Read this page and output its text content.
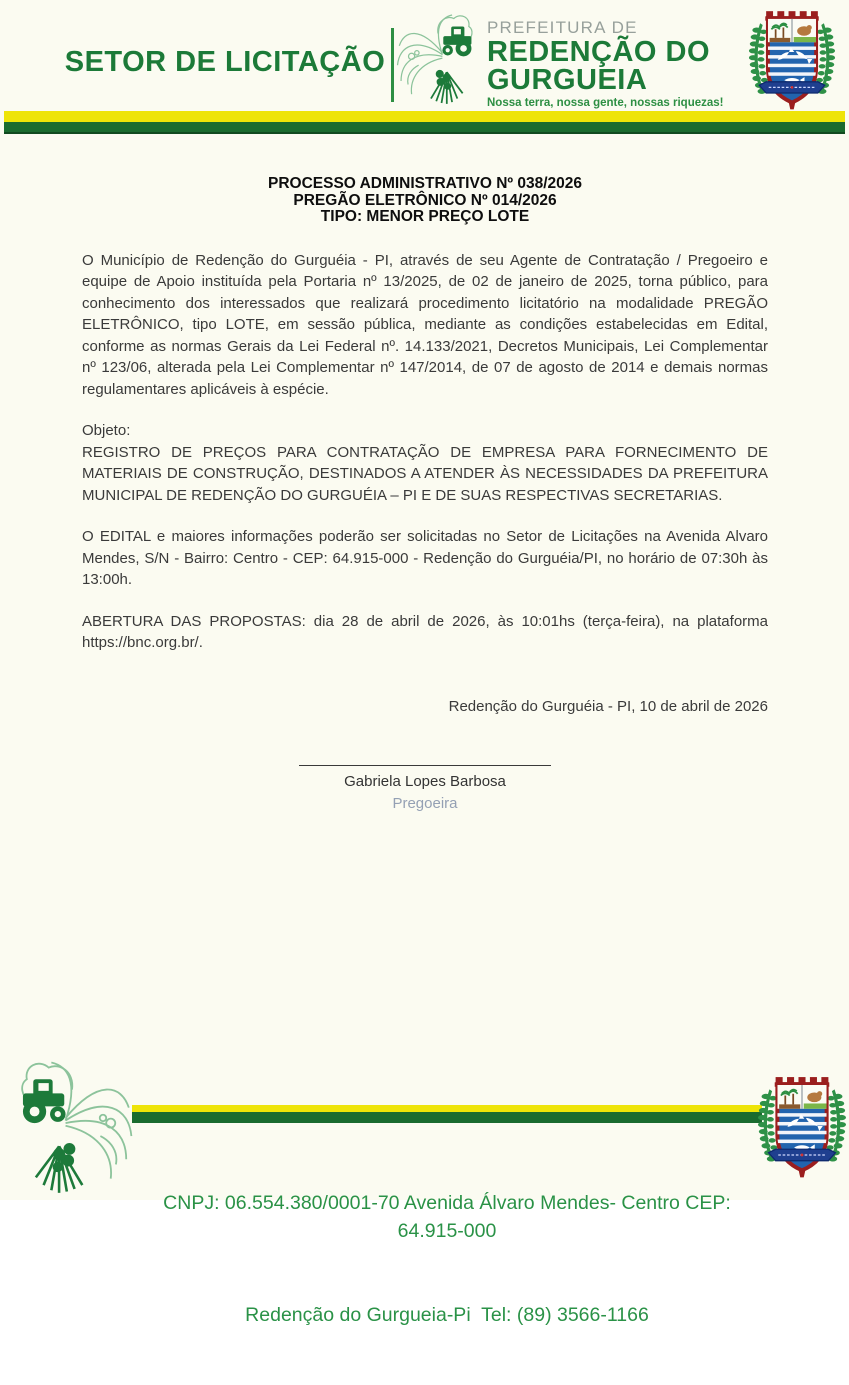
SETOR DE LICITAÇÃO
PREFEITURA DE
REDENÇÃO DO
GURGUEIA
Nossa terra, nossa gente, nossas riquezas!
PROCESSO ADMINISTRATIVO Nº 038/2026
PREGÃO ELETRÔNICO Nº 014/2026
TIPO: MENOR PREÇO LOTE
O Município de Redenção do Gurguéia - PI, através de seu Agente de Contratação / Pregoeiro e equipe de Apoio instituída pela Portaria nº 13/2025, de 02 de janeiro de 2025, torna público, para conhecimento dos interessados que realizará procedimento licitatório na modalidade PREGÃO ELETRÔNICO, tipo LOTE, em sessão pública, mediante as condições estabelecidas em Edital, conforme as normas Gerais da Lei Federal nº. 14.133/2021, Decretos Municipais, Lei Complementar nº 123/06, alterada pela Lei Complementar nº 147/2014, de 07 de agosto de 2014 e demais normas regulamentares aplicáveis à espécie.
Objeto:
REGISTRO DE PREÇOS PARA CONTRATAÇÃO DE EMPRESA PARA FORNECIMENTO DE MATERIAIS DE CONSTRUÇÃO, DESTINADOS A ATENDER ÀS NECESSIDADES DA PREFEITURA MUNICIPAL DE REDENÇÃO DO GURGUÉIA – PI E DE SUAS RESPECTIVAS SECRETARIAS.
O EDITAL e maiores informações poderão ser solicitadas no Setor de Licitações na Avenida Alvaro Mendes, S/N - Bairro: Centro - CEP: 64.915-000 - Redenção do Gurguéia/PI, no horário de 07:30h às 13:00h.
ABERTURA DAS PROPOSTAS: dia 28 de abril de 2026, às 10:01hs (terça-feira), na plataforma https://bnc.org.br/.
Redenção do Gurguéia - PI, 10 de abril de 2026
Gabriela Lopes Barbosa
Pregoeira

CNPJ: 06.554.380/0001-70 Avenida Álvaro Mendes- Centro CEP: 64.915-000

Redenção do Gurgueia-Pi  Tel: (89) 3566-1166
